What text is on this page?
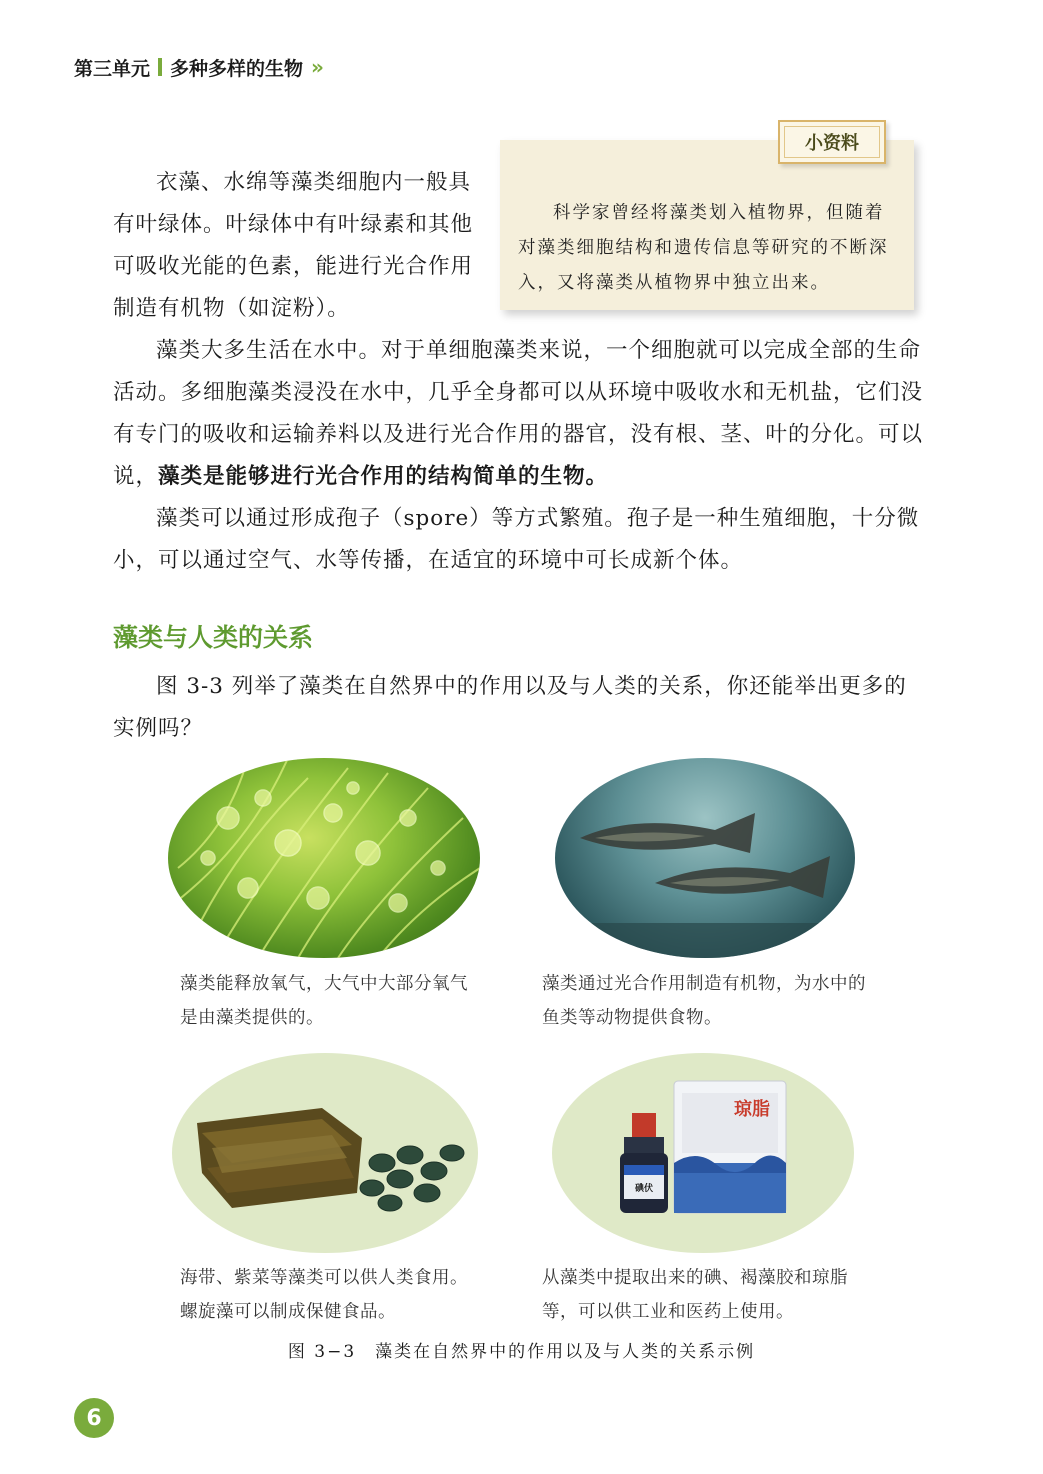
第三单元 多种多样的生物 »
小资料
科学家曾经将藻类划入植物界，但随着对藻类细胞结构和遗传信息等研究的不断深入，又将藻类从植物界中独立出来。

衣藻、水绵等藻类细胞内一般具有叶绿体。叶绿体中有叶绿素和其他可吸收光能的色素，能进行光合作用制造有机物（如淀粉）。

藻类大多生活在水中。对于单细胞藻类来说，一个细胞就可以完成全部的生命活动。多细胞藻类浸没在水中，几乎全身都可以从环境中吸收水和无机盐，它们没有专门的吸收和运输养料以及进行光合作用的器官，没有根、茎、叶的分化。可以说，藻类是能够进行光合作用的结构简单的生物。

藻类可以通过形成孢子（spore）等方式繁殖。孢子是一种生殖细胞，十分微小，可以通过空气、水等传播，在适宜的环境中可长成新个体。

藻类与人类的关系

图 3-3 列举了藻类在自然界中的作用以及与人类的关系，你还能举出更多的实例吗？

藻类能释放氧气，大气中大部分氧气是由藻类提供的。
藻类通过光合作用制造有机物，为水中的鱼类等动物提供食物。
海带、紫菜等藻类可以供人类食用。螺旋藻可以制成保健食品。
碘伏
琼脂
从藻类中提取出来的碘、褐藻胶和琼脂等，可以供工业和医药上使用。
图 3−3　藻类在自然界中的作用以及与人类的关系示例
6
